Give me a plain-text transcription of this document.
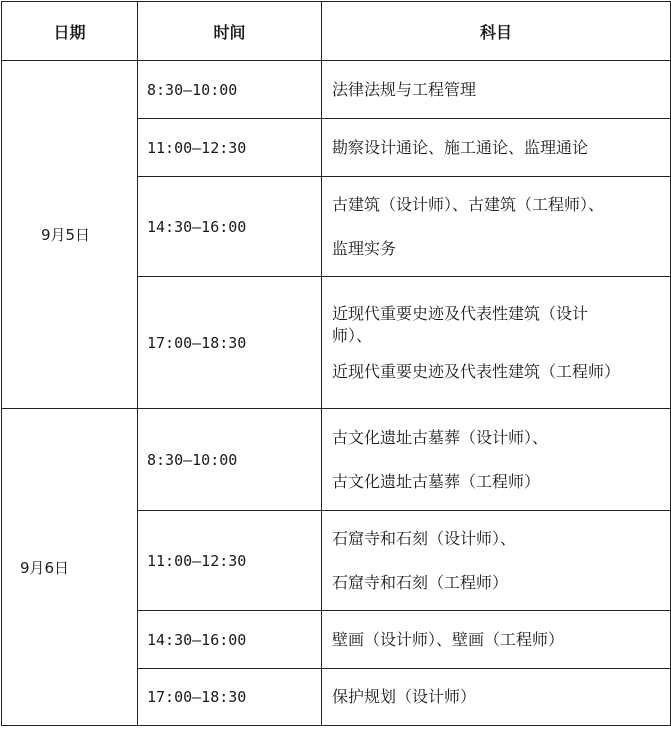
日期	时间	科目
9月5日	8:30—10:00	法律法规与工程管理

	11:00—12:30	勘察设计通论、施工通论、监理通论

	14:30—16:00	古建筑（设计师）、古建筑（工程师）、
监理实务

	17:00—18:30	近现代重要史迹及代表性建筑（设计
师）、
近现代重要史迹及代表性建筑（工程师）

9月6日	8:30—10:00	古文化遗址古墓葬（设计师）、
古文化遗址古墓葬（工程师）

	11:00—12:30	石窟寺和石刻（设计师）、
石窟寺和石刻（工程师）

	14:30—16:00	壁画（设计师）、壁画（工程师）

	17:00—18:30	保护规划（设计师）
